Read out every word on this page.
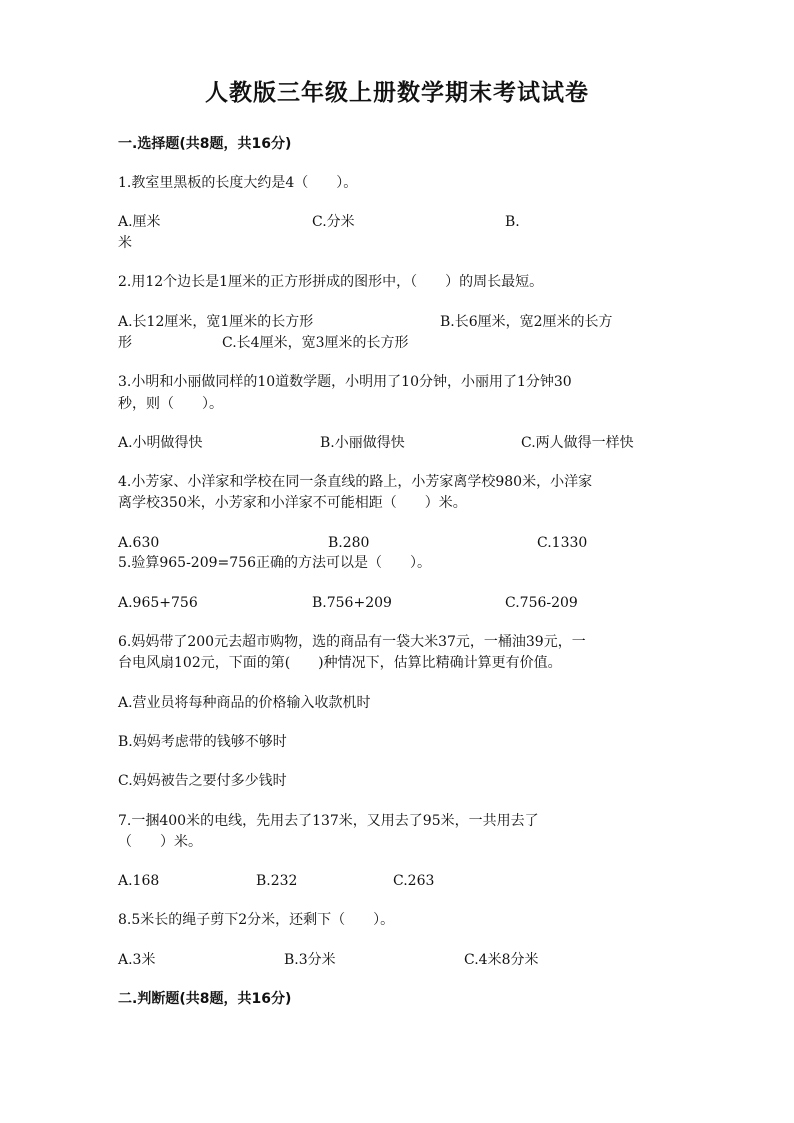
人教版三年级上册数学期末考试试卷
一.选择题(共8题，共16分)
1.教室里黑板的长度大约是4（　　）。
A.厘米	C.分米	B.
米
2.用12个边长是1厘米的正方形拼成的图形中，（　　）的周长最短。
A.长12厘米，宽1厘米的长方形	B.长6厘米，宽2厘米的长方
形	C.长4厘米，宽3厘米的长方形
3.小明和小丽做同样的10道数学题，小明用了10分钟，小丽用了1分钟30
秒，则（　　）。
A.小明做得快	B.小丽做得快	C.两人做得一样快
4.小芳家、小洋家和学校在同一条直线的路上，小芳家离学校980米，小洋家
离学校350米，小芳家和小洋家不可能相距（　　）米。
A.630	B.280	C.1330
5.验算965-209=756正确的方法可以是（　　）。
A.965+756	B.756+209	C.756-209
6.妈妈带了200元去超市购物，选的商品有一袋大米37元，一桶油39元，一
台电风扇102元，下面的第(　　)种情况下，估算比精确计算更有价值。
A.营业员将每种商品的价格输入收款机时
B.妈妈考虑带的钱够不够时
C.妈妈被告之要付多少钱时
7.一捆400米的电线，先用去了137米，又用去了95米，一共用去了
（　　）米。
A.168	B.232	C.263
8.5米长的绳子剪下2分米，还剩下（　　）。
A.3米	B.3分米	C.4米8分米
二.判断题(共8题，共16分)
